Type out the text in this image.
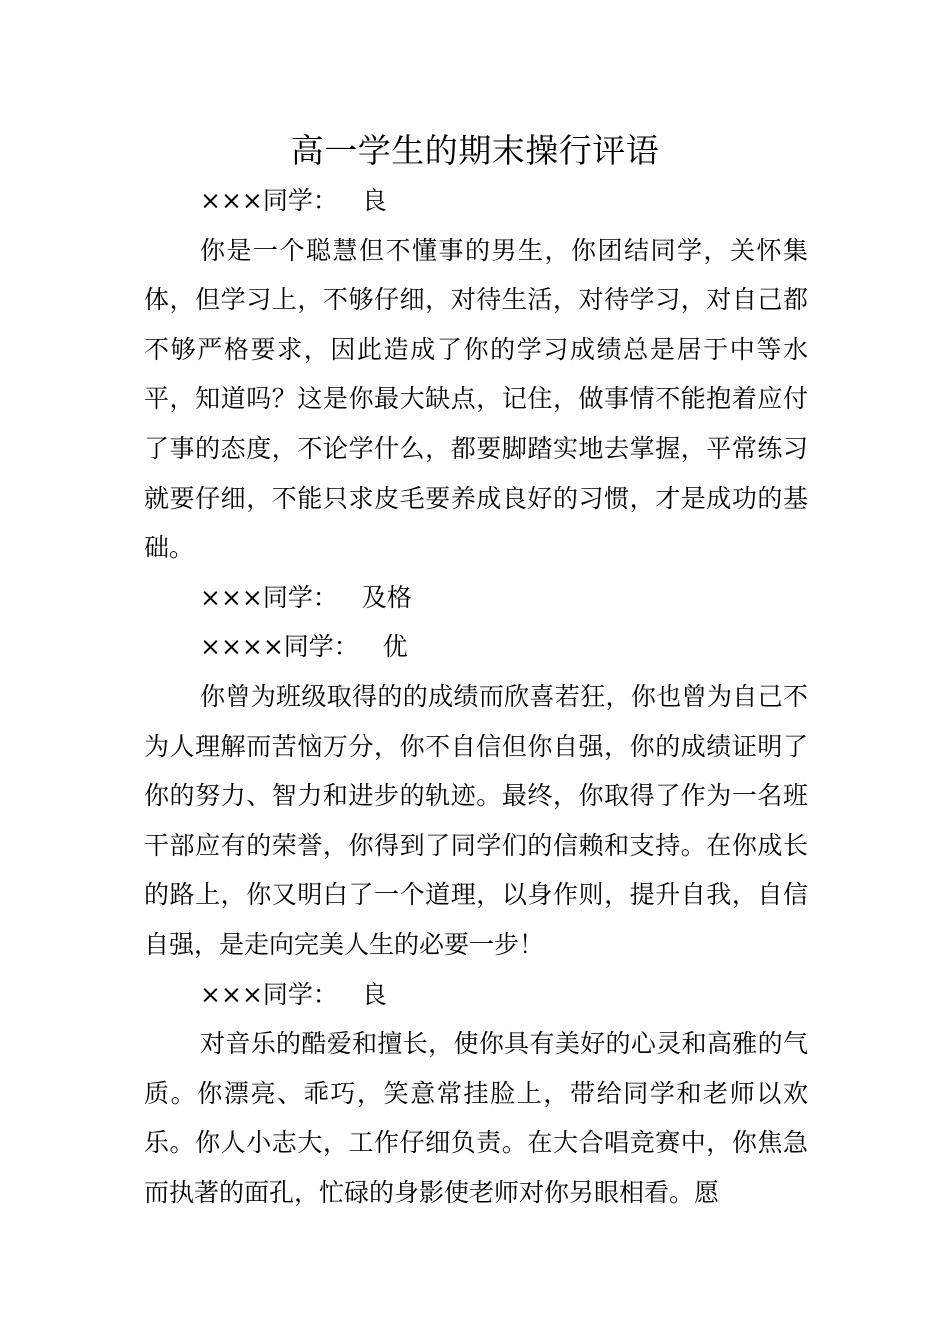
高一学生的期末操行评语

×××同学： 良

你是一个聪慧但不懂事的男生，你团结同学，关怀集体，但学习上，不够仔细，对待生活，对待学习，对自己都不够严格要求，因此造成了你的学习成绩总是居于中等水平，知道吗？这是你最大缺点，记住，做事情不能抱着应付了事的态度，不论学什么，都要脚踏实地去掌握，平常练习就要仔细，不能只求皮毛要养成良好的习惯，才是成功的基础。

×××同学： 及格

××××同学： 优

你曾为班级取得的的成绩而欣喜若狂，你也曾为自己不为人理解而苦恼万分，你不自信但你自强，你的成绩证明了你的努力、智力和进步的轨迹。最终，你取得了作为一名班干部应有的荣誉，你得到了同学们的信赖和支持。在你成长的路上，你又明白了一个道理，以身作则，提升自我，自信自强，是走向完美人生的必要一步！

×××同学： 良

对音乐的酷爱和擅长，使你具有美好的心灵和高雅的气质。你漂亮、乖巧，笑意常挂脸上，带给同学和老师以欢乐。你人小志大，工作仔细负责。在大合唱竞赛中，你焦急而执著的面孔，忙碌的身影使老师对你另眼相看。愿
